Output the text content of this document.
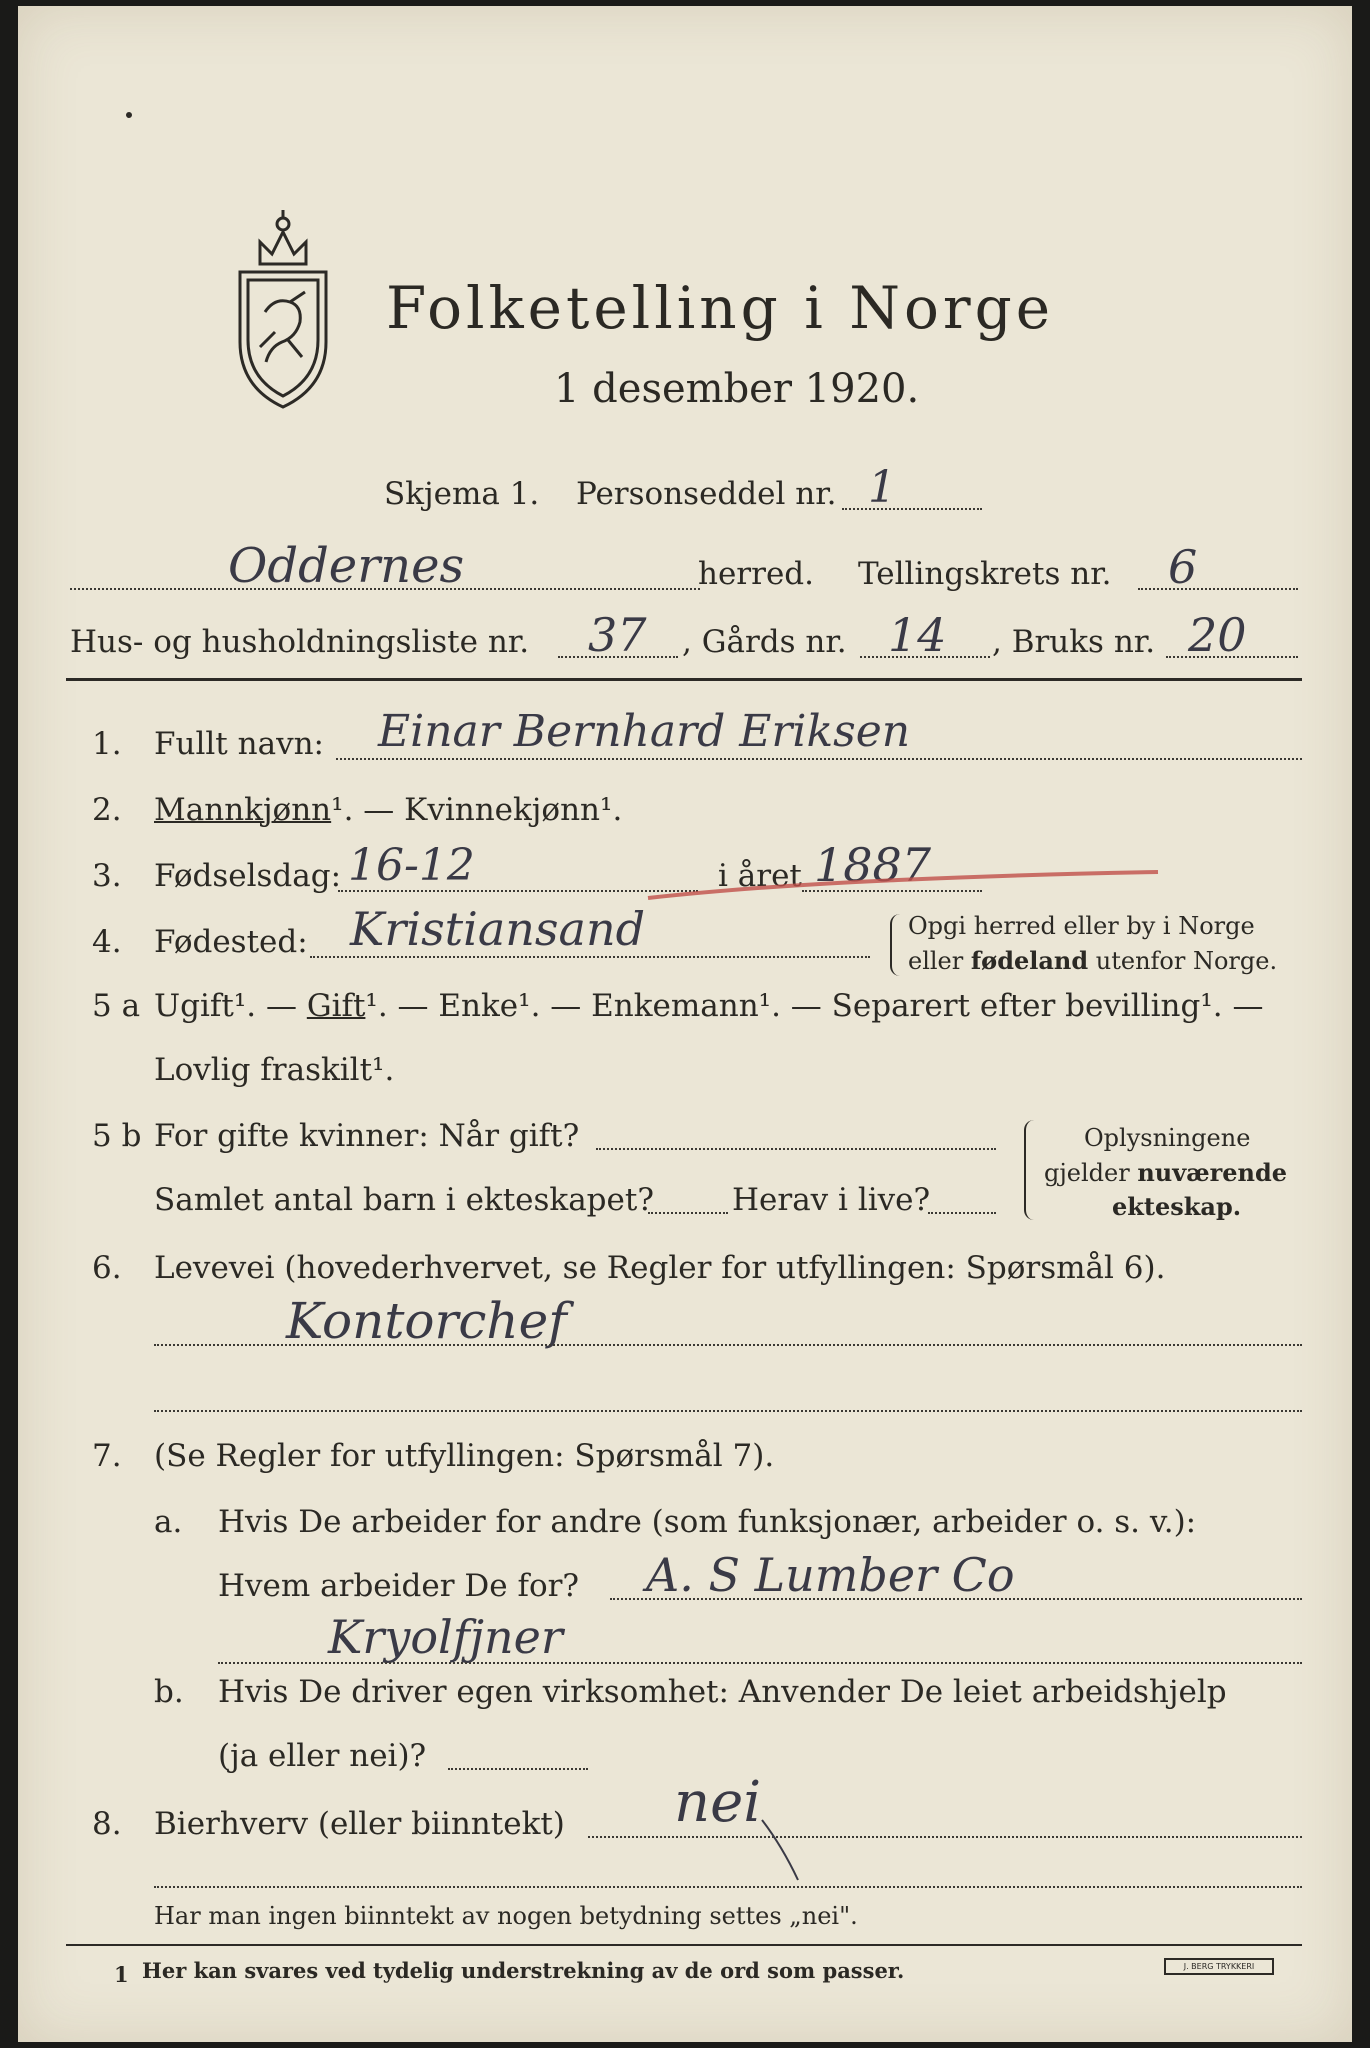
Folketelling i Norge
1 desember 1920.
Skjema 1. Personseddel nr. 1
Oddernes	herred. Tellingskrets nr. 6
Hus- og husholdningsliste nr. 37 , Gårds nr. 14 , Bruks nr. 20
1. Fullt navn: Einar Bernhard Eriksen
2. Mannkjønn¹. — Kvinnekjønn¹.
3. Fødselsdag: 16-12	i året 1887
4. Fødested: Kristiansand	Opgi herred eller by i Norge
eller fødeland utenfor Norge.
5 a Ugift¹. — Gift¹. — Enke¹. — Enkemann¹. — Separert efter bevilling¹. —
Lovlig fraskilt¹.
5 b For gifte kvinner: Når gift?
Samlet antal barn i ekteskapet?	Herav i live?
Oplysningene
gjelder nuværende
ekteskap.
6. Levevei (hovederhvervet, se Regler for utfyllingen: Spørsmål 6).
Kontorchef
7. (Se Regler for utfyllingen: Spørsmål 7).
a. Hvis De arbeider for andre (som funksjonær, arbeider o. s. v.):
Hvem arbeider De for? A. S Lumber Co
Kryolfjner
b. Hvis De driver egen virksomhet: Anvender De leiet arbeidshjelp
(ja eller nei)?
8. Bierhverv (eller biinntekt) nei
Har man ingen biinntekt av nogen betydning settes „nei".
1 Her kan svares ved tydelig understrekning av de ord som passer.	J. BERG TRYKKERI
